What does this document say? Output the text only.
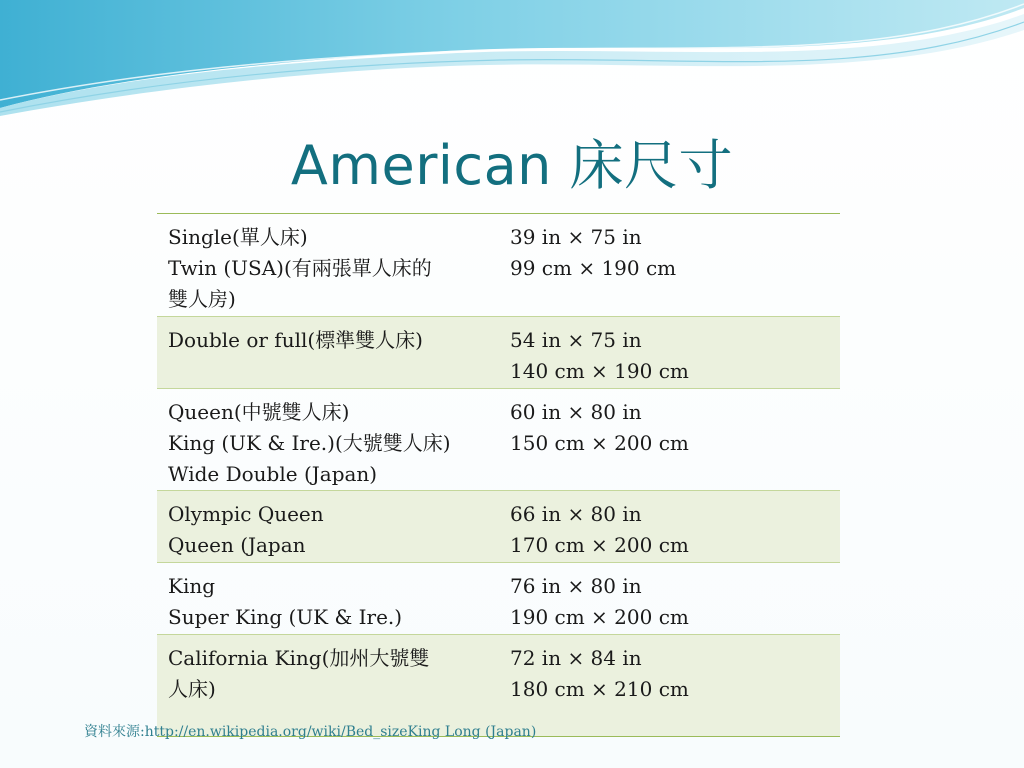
American 床尺寸
Single(單人床)
Twin (USA)(有兩張單人床的
雙人房)
39 in × 75 in
99 cm × 190 cm
Double or full(標準雙人床)	54 in × 75 in
140 cm × 190 cm
Queen(中號雙人床)
King (UK & Ire.)(大號雙人床)
Wide Double (Japan)
60 in × 80 in
150 cm × 200 cm
Olympic Queen
Queen (Japan
66 in × 80 in
170 cm × 200 cm
King
Super King (UK & Ire.)
76 in × 80 in
190 cm × 200 cm
California King(加州大號雙
人床)
72 in × 84 in
180 cm × 210 cm
資料來源:http://en.wikipedia.org/wiki/Bed_sizeKing Long (Japan)
